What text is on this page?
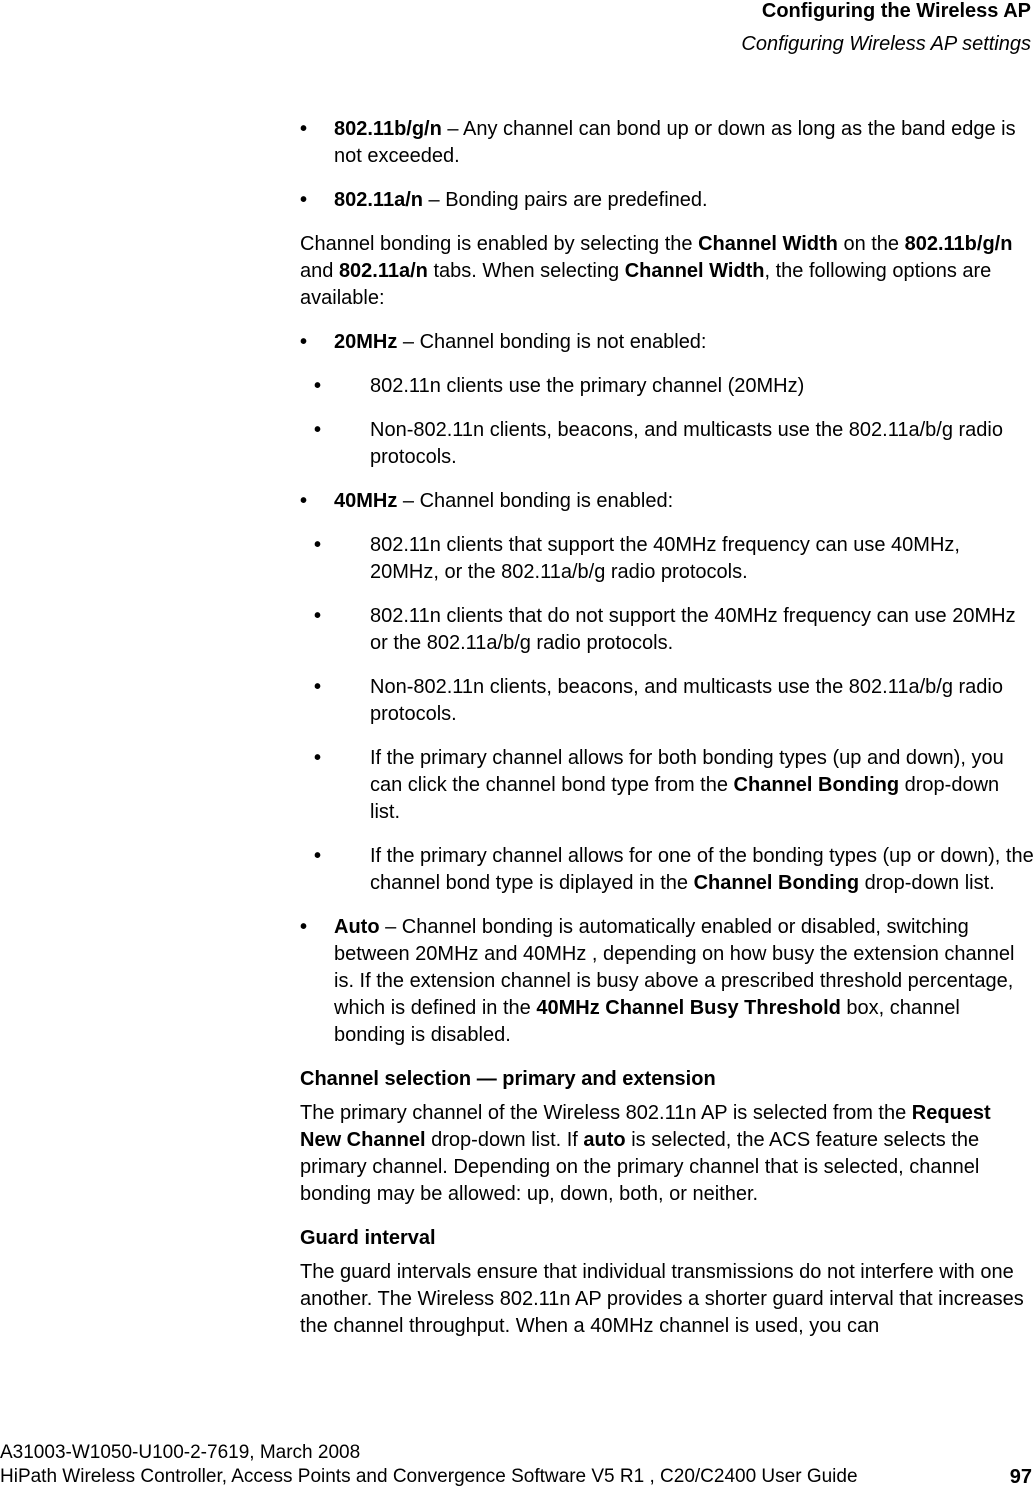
Configuring the Wireless AP
Configuring Wireless AP settings
• 802.11b/g/n – Any channel can bond up or down as long as the band edge is not exceeded.
• 802.11a/n – Bonding pairs are predefined.
Channel bonding is enabled by selecting the Channel Width on the 802.11b/g/n and 802.11a/n tabs. When selecting Channel Width, the following options are available:
• 20MHz – Channel bonding is not enabled:
• 802.11n clients use the primary channel (20MHz)
• Non-802.11n clients, beacons, and multicasts use the 802.11a/b/g radio protocols.
• 40MHz – Channel bonding is enabled:
• 802.11n clients that support the 40MHz frequency can use 40MHz, 20MHz, or the 802.11a/b/g radio protocols.
• 802.11n clients that do not support the 40MHz frequency can use 20MHz or the 802.11a/b/g radio protocols.
• Non-802.11n clients, beacons, and multicasts use the 802.11a/b/g radio protocols.
• If the primary channel allows for both bonding types (up and down), you can click the channel bond type from the Channel Bonding drop-down list.
• If the primary channel allows for one of the bonding types (up or down), the channel bond type is diplayed in the Channel Bonding drop-down list.
• Auto – Channel bonding is automatically enabled or disabled, switching between 20MHz and 40MHz , depending on how busy the extension channel is. If the extension channel is busy above a prescribed threshold percentage, which is defined in the 40MHz Channel Busy Threshold box, channel bonding is disabled.
Channel selection — primary and extension
The primary channel of the Wireless 802.11n AP is selected from the Request New Channel drop-down list. If auto is selected, the ACS feature selects the primary channel. Depending on the primary channel that is selected, channel bonding may be allowed: up, down, both, or neither.
Guard interval
The guard intervals ensure that individual transmissions do not interfere with one another. The Wireless 802.11n AP provides a shorter guard interval that increases the channel throughput. When a 40MHz channel is used, you can
A31003-W1050-U100-2-7619, March 2008
HiPath Wireless Controller, Access Points and Convergence Software V5 R1 , C20/C2400 User Guide	97
